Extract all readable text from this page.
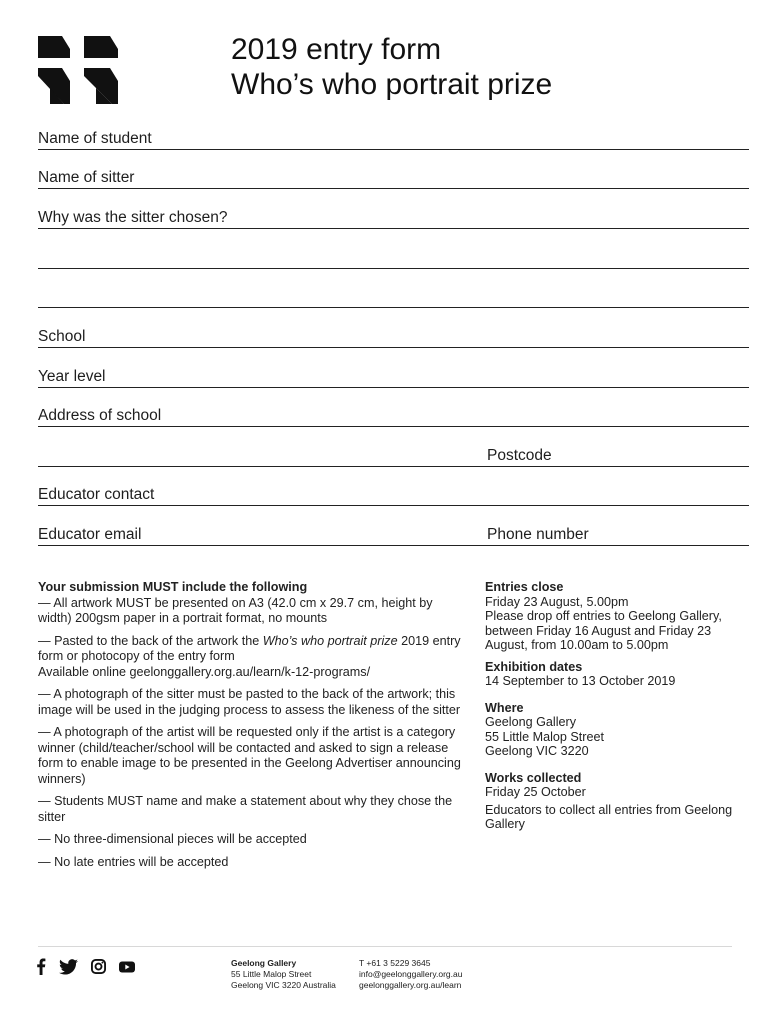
2019 entry form
Who’s who portrait prize
Name of student
Name of sitter
Why was the sitter chosen?
School
Year level
Address of school
Postcode
Educator contact
Educator email	Phone number

Your submission MUST include the following

— All artwork MUST be presented on A3 (42.0 cm x 29.7 cm, height by width) 200gsm paper in a portrait format, no mounts

— Pasted to the back of the artwork the Who’s who portrait prize 2019 entry form or photocopy of the entry form
Available online geelonggallery.org.au/learn/k-12-programs/

— A photograph of the sitter must be pasted to the back of the artwork; this image will be used in the judging process to assess the likeness of the sitter

— A photograph of the artist will be requested only if the artist is a category winner (child/teacher/school will be contacted and asked to sign a release form to enable image to be presented in the Geelong Advertiser announcing winners)

— Students MUST name and make a statement about why they chose the sitter

— No three-dimensional pieces will be accepted

— No late entries will be accepted

Entries close
Friday 23 August, 5.00pm
Please drop off entries to Geelong Gallery, between Friday 16 August and Friday 23 August, from 10.00am to 5.00pm
Exhibition dates
14 September to 13 October 2019
Where
Geelong Gallery
55 Little Malop Street
Geelong VIC 3220
Works collected
Friday 25 October
Educators to collect all entries from Geelong Gallery
Geelong Gallery
55 Little Malop Street
Geelong VIC 3220 Australia
T +61 3 5229 3645
info@geelonggallery.org.au
geelonggallery.org.au/learn
